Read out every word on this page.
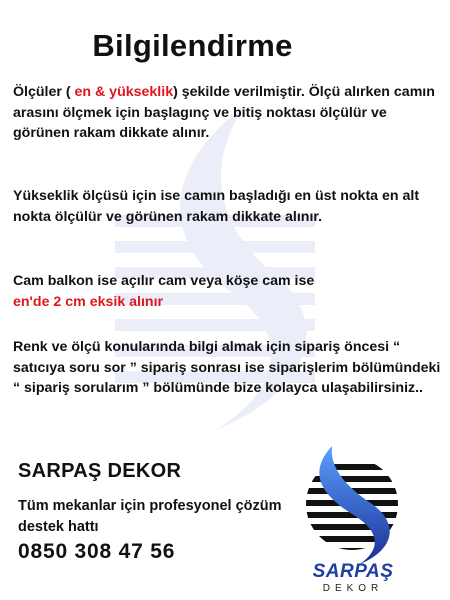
Bilgilendirme
Ölçüler ( en & yükseklik) şekilde verilmiştir. Ölçü alırken camın arasını ölçmek için başlagınç ve bitiş noktası ölçülür ve görünen rakam dikkate alınır.
Yükseklik ölçüsü için ise camın başladığı en üst nokta en alt nokta ölçülür ve görünen rakam dikkate alınır.
Cam balkon ise açılır cam veya köşe cam ise
en'de 2 cm eksik alınır
Renk ve ölçü konularında bilgi almak için sipariş öncesi “ satıcıya soru sor ” sipariş sonrası ise siparişlerim bölümündeki “ sipariş sorularım ” bölümünde bize kolayca ulaşabilirsiniz..
SARPAŞ DEKOR
Tüm mekanlar için profesyonel çözüm destek hattı
0850 308 47 56
SARPAŞ
DEKOR
